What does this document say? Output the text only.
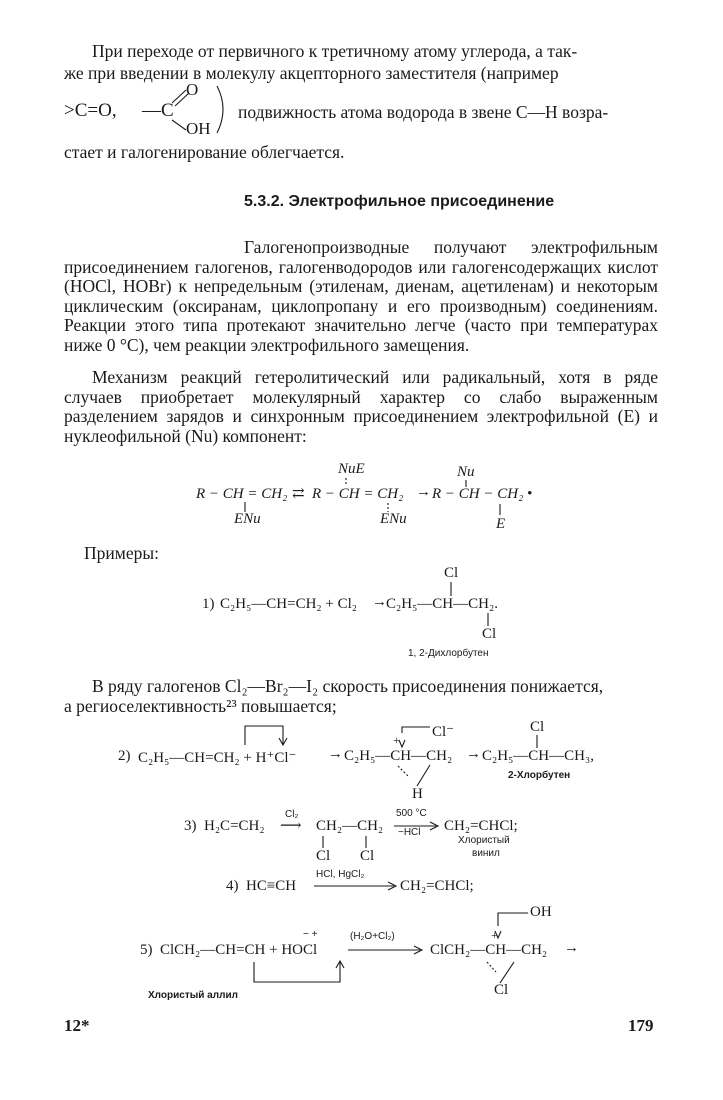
При переходе от первичного к третичному атому углерода, а так-

же при введении в молекулу акцепторного заместителя (например

>C=O, —C
O
OH

подвижность атома водорода в звене C—H возра-

стает и галогенирование облегчается.

5.3.2. Электрофильное присоединение

Галогенопроизводные получают электрофильным присоединением галогенов, галогенводородов или галогенсодержащих кислот (HOCl, HOBr) к непредельным (этиленам, диенам, ацетиленам) и некоторым циклическим (оксиранам, циклопропану и его производным) соединениям. Реакции этого типа протекают значительно легче (часто при температурах ниже 0 °C), чем реакции электрофильного замещения.

Механизм реакций гетеролитический или радикальный, хотя в ряде случаев приобретает молекулярный характер со слабо выраженным разделением зарядов и синхронным присоединением электрофильной (E) и нуклеофильной (Nu) компонент:

R − CH = CH₂
ENu
⇄ R − CH = CH₂
NuE
ENu
→ R − CH − CH₂ •
Nu
E

Примеры:

1) C₂H₅—CH=CH₂ + Cl₂ → C₂H₅—CH—CH₂.
Cl
Cl
1, 2-Дихлорбутен

В ряду галогенов Cl₂—Br₂—I₂ скорость присоединения понижается,

а региоселективность²³ повышается;

2) C₂H₅—CH=CH₂ + H⁺Cl⁻ → C₂H₅—CH—CH₂
Cl⁻
+
H
→ C₂H₅—CH—CH₃,
Cl
2-Хлорбутен
3) H₂C=CH₂
Cl₂
⟶ CH₂—CH₂
Cl Cl
500 °C
−HCl CH₂=CHCl;
Хлористый
винил
4) HC≡CH
HCl, HgCl₂
CH₂=CHCl;
5) ClCH₂—CH=CH + HOCl
− +	(H₂O+Cl₂)
ClCH₂—CH—CH₂
+
→
OH
Cl
Хлористый аллил
12*	179
